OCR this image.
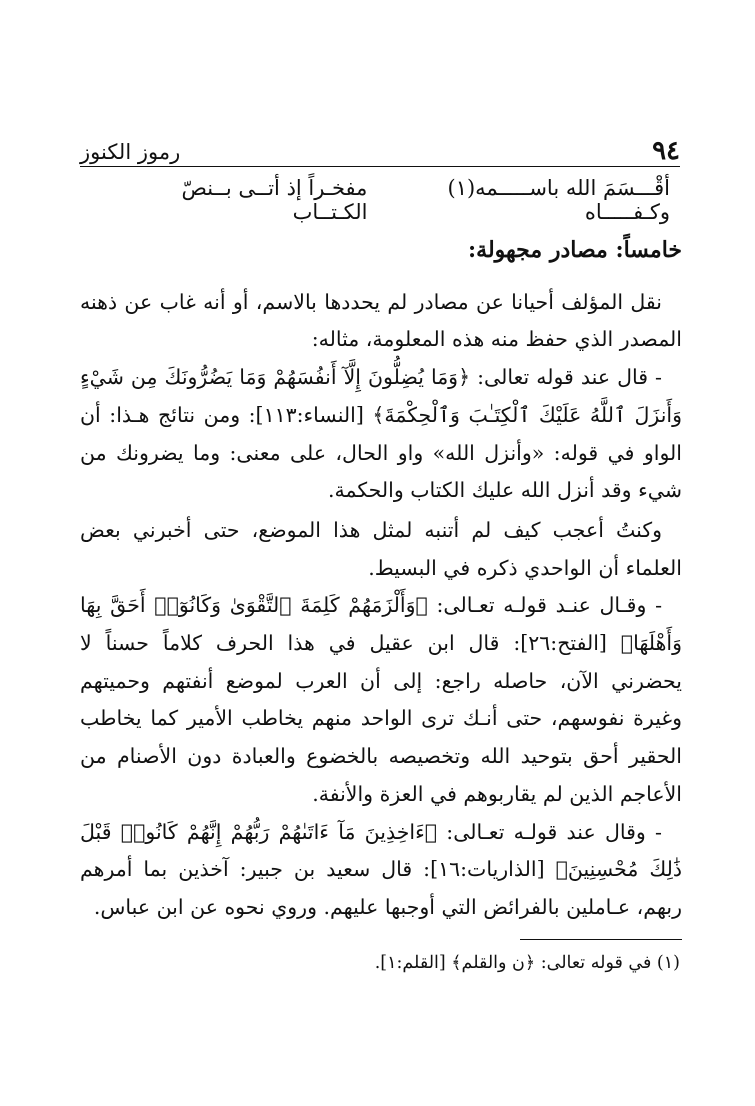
٩٤
رموز الكنوز
أقْـــسَمَ الله باســـــمه(١) وكـفـــــاه
مفخـراً إذ أتــى بــنصّ الكـتــاب

خامساً: مصادر مجهولة:

نقل المؤلف أحيانا عن مصادر لم يحددها بالاسم، أو أنه غاب عن ذهنه المصدر الذي حفظ منه هذه المعلومة، مثاله:

- قال عند قوله تعالى: ﴿وَمَا يُضِلُّونَ إِلَّآ أَنفُسَهُمْ وَمَا يَضُرُّونَكَ مِن شَيْءٍ وَأَنزَلَ ٱللَّهُ عَلَيْكَ ٱلْكِتَـٰبَ وَٱلْحِكْمَةَ﴾ [النساء:١١٣]: ومن نتائج هـذا: أن الواو في قوله: «وأنزل الله» واو الحال، على معنى: وما يضرونك من شيء وقد أنزل الله عليك الكتاب والحكمة.

وكنتُ أعجب كيف لم أتنبه لمثل هذا الموضع، حتى أخبرني بعض العلماء أن الواحدي ذكره في البسيط.

- وقـال عنـد قولـه تعـالى: ﴿وَأَلْزَمَهُمْ كَلِمَةَ ٱلتَّقْوَىٰ وَكَانُوٓا۟ أَحَقَّ بِهَا وَأَهْلَهَا﴾ [الفتح:٢٦]: قال ابن عقيل في هذا الحرف كلاماً حسناً لا يحضرني الآن، حاصله راجع: إلى أن العرب لموضع أنفتهم وحميتهم وغيرة نفوسهم، حتى أنـك ترى الواحد منهم يخاطب الأمير كما يخاطب الحقير أحق بتوحيد الله وتخصيصه بالخضوع والعبادة دون الأصنام من الأعاجم الذين لم يقاربوهم في العزة والأنفة.

- وقال عند قولـه تعـالى: ﴿ءَاخِذِينَ مَآ ءَاتَىٰهُمْ رَبُّهُمْ إِنَّهُمْ كَانُوا۟ قَبْلَ ذَٰلِكَ مُحْسِنِينَ﴾ [الذاريات:١٦]: قال سعيد بن جبير: آخذين بما أمرهم ربهم، عـاملين بالفرائض التي أوجبها عليهم. وروي نحوه عن ابن عباس.

(١) في قوله تعالى: ﴿ن والقلم﴾ [القلم:١].
